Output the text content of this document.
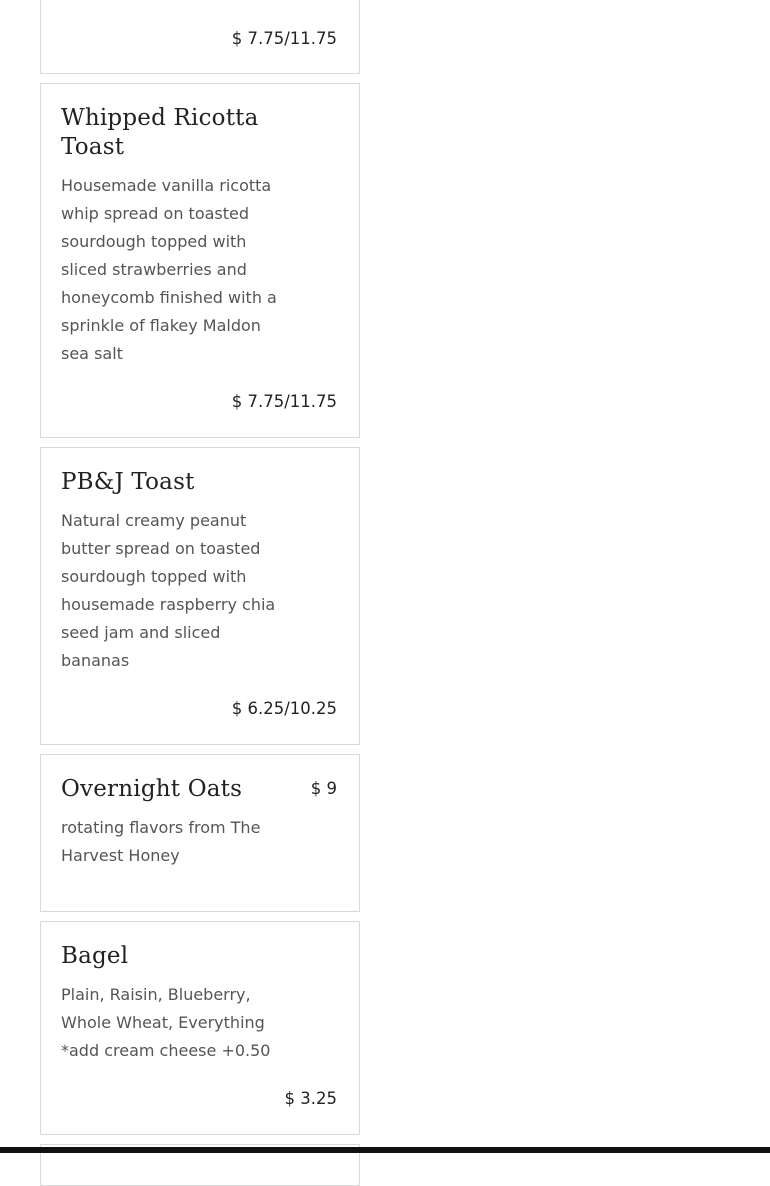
$ 7.75/11.75
Whipped Ricotta Toast

Housemade vanilla ricotta whip spread on toasted sourdough topped with sliced strawberries and honeycomb finished with a sprinkle of flakey Maldon sea salt

$ 7.75/11.75
PB&J Toast

Natural creamy peanut butter spread on toasted sourdough topped with housemade raspberry chia seed jam and sliced bananas

$ 6.25/10.25
Overnight Oats

rotating flavors from The Harvest Honey

$ 9
Bagel

Plain, Raisin, Blueberry, Whole Wheat, Everything *add cream cheese +0.50

$ 3.25
